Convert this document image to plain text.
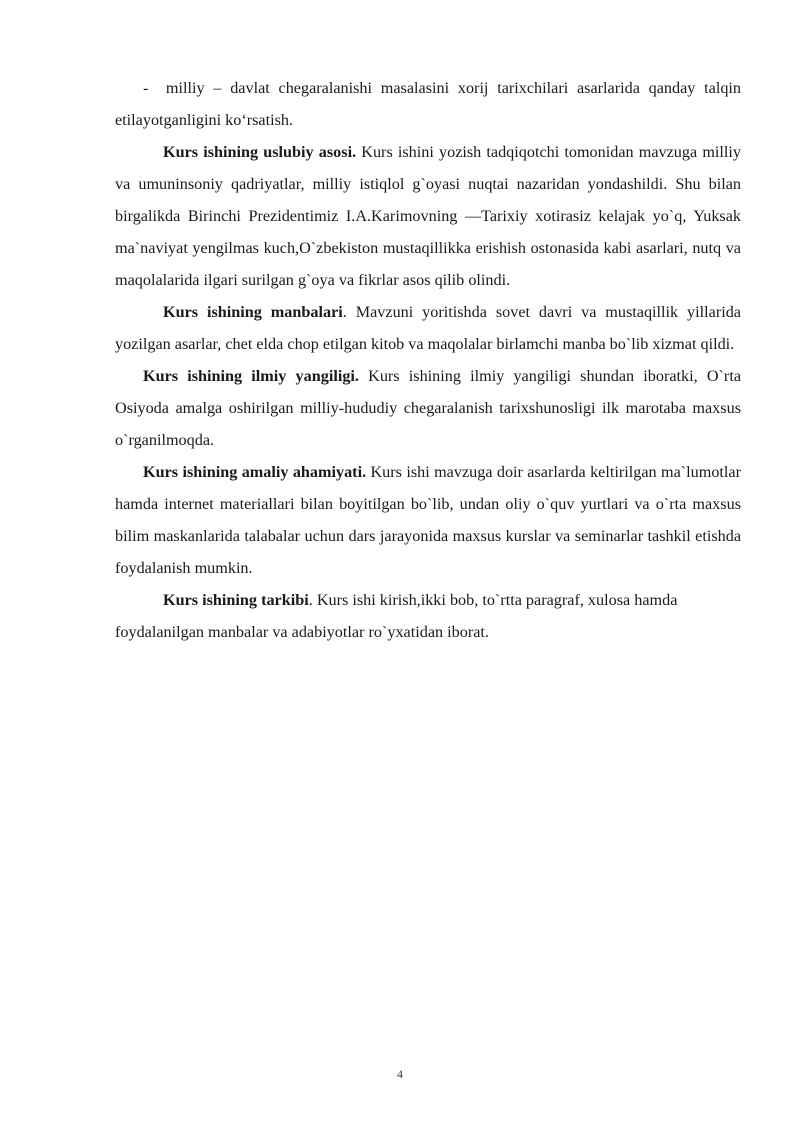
- milliy – davlat chegaralanishi masalasini xorij tarixchilari asarlarida qanday talqin etilayotganligini ko‘rsatish.

Kurs ishining uslubiy asosi. Kurs ishini yozish tadqiqotchi tomonidan mavzuga milliy va umuninsoniy qadriyatlar, milliy istiqlol g`oyasi nuqtai nazaridan yondashildi. Shu bilan birgalikda Birinchi Prezidentimiz I.A.Karimovning ―Tarixiy xotirasiz kelajak yo`q, Yuksak ma`naviyat yengilmas kuch,O`zbekiston mustaqillikka erishish ostonasida kabi asarlari, nutq va maqolalarida ilgari surilgan g`oya va fikrlar asos qilib olindi.

Kurs ishining manbalari. Mavzuni yoritishda sovet davri va mustaqillik yillarida yozilgan asarlar, chet elda chop etilgan kitob va maqolalar birlamchi manba bo`lib xizmat qildi.

Kurs ishining ilmiy yangiligi. Kurs ishining ilmiy yangiligi shundan iboratki, O`rta Osiyoda amalga oshirilgan milliy-hududiy chegaralanish tarixshunosligi ilk marotaba maxsus o`rganilmoqda.

Kurs ishining amaliy ahamiyati. Kurs ishi mavzuga doir asarlarda keltirilgan ma`lumotlar hamda internet materiallari bilan boyitilgan bo`lib, undan oliy o`quv yurtlari va o`rta maxsus bilim maskanlarida talabalar uchun dars jarayonida maxsus kurslar va seminarlar tashkil etishda foydalanish mumkin.

Kurs ishining tarkibi. Kurs ishi kirish,ikki bob, to`rtta paragraf, xulosa hamda foydalanilgan manbalar va adabiyotlar ro`yxatidan iborat.

4
